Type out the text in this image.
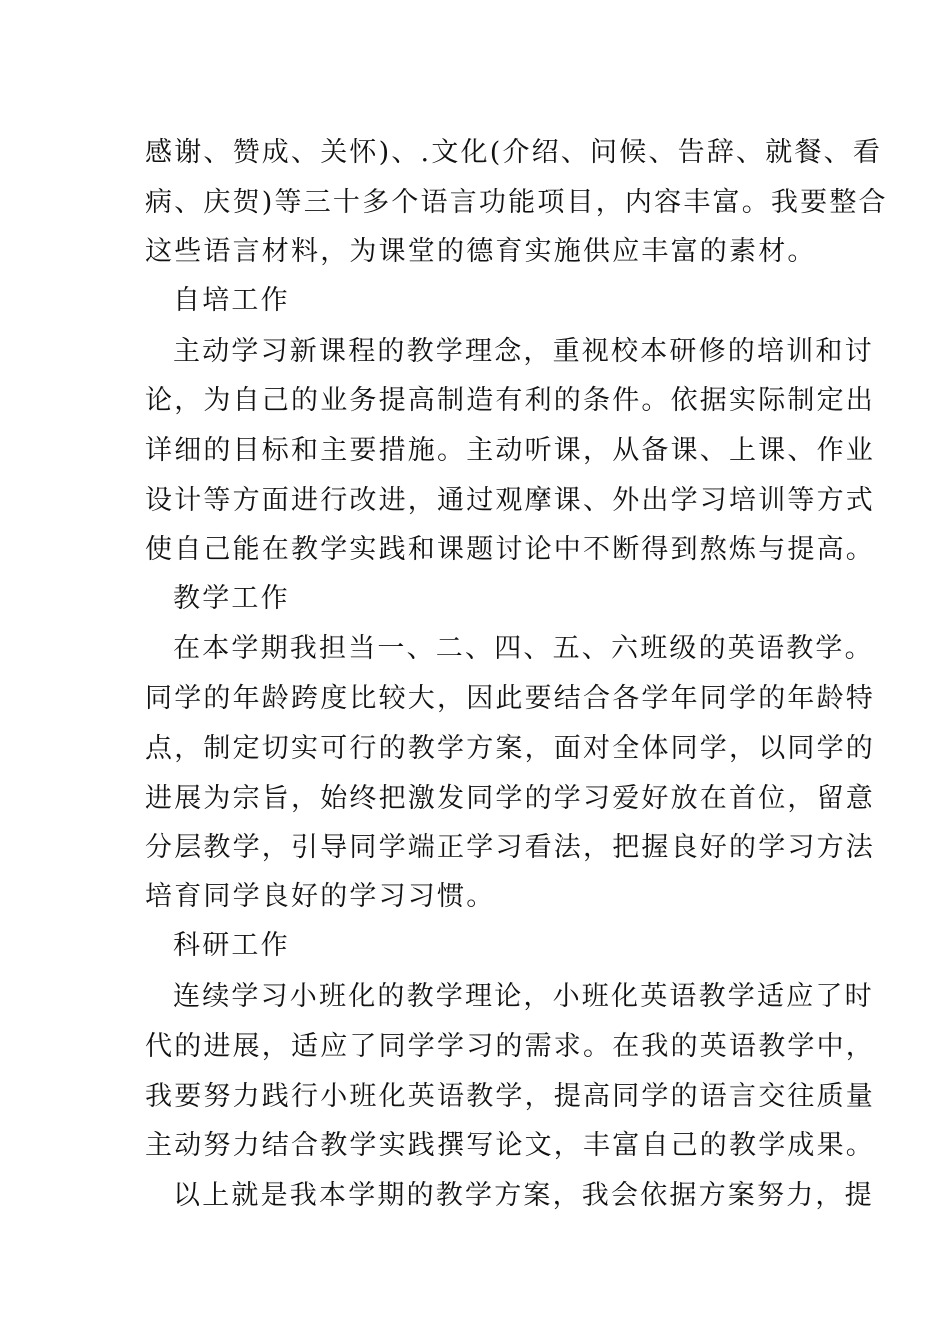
感谢、赞成、关怀)、.文化(介绍、问候、告辞、就餐、看
病、庆贺)等三十多个语言功能项目，内容丰富。我要整合
这些语言材料，为课堂的德育实施供应丰富的素材。
自培工作
主动学习新课程的教学理念，重视校本研修的培训和讨
论，为自己的业务提高制造有利的条件。依据实际制定出
详细的目标和主要措施。主动听课，从备课、上课、作业
设计等方面进行改进，通过观摩课、外出学习培训等方式
使自己能在教学实践和课题讨论中不断得到熬炼与提高。
教学工作
在本学期我担当一、二、四、五、六班级的英语教学。
同学的年龄跨度比较大，因此要结合各学年同学的年龄特
点，制定切实可行的教学方案，面对全体同学，以同学的
进展为宗旨，始终把激发同学的学习爱好放在首位，留意
分层教学，引导同学端正学习看法，把握良好的学习方法
培育同学良好的学习习惯。
科研工作
连续学习小班化的教学理论，小班化英语教学适应了时
代的进展，适应了同学学习的需求。在我的英语教学中，
我要努力践行小班化英语教学，提高同学的语言交往质量
主动努力结合教学实践撰写论文，丰富自己的教学成果。
以上就是我本学期的教学方案，我会依据方案努力，提
